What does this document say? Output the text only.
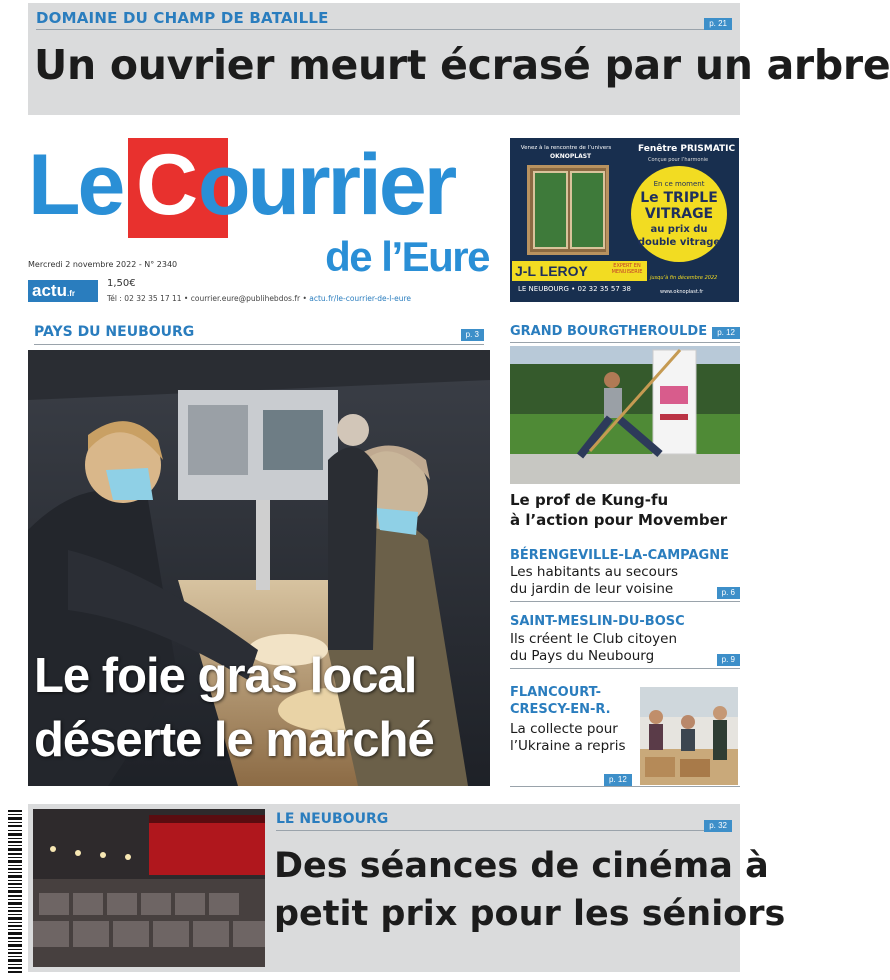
DOMAINE DU CHAMP DE BATAILLE	p. 21
Un ouvrier meurt écrasé par un arbre
Le C ourrier
de l’Eure
Mercredi 2 novembre 2022 - N° 2340
actu.fr
1,50€
Tél : 02 32 35 17 11 • courrier.eure@publihebdos.fr • actu.fr/le-courrier-de-l-eure
Venez à la rencontre de l’univers
OKNOPLAST
Fenêtre PRISMATIC
Conçue pour l’harmonie
En ce moment
Le TRIPLE
VITRAGE
au prix du
double vitrage
jusqu’à fin décembre 2022
J-L LEROY	EXPERT EN MENUISERIE
LE NEUBOURG • 02 32 35 57 38	www.oknoplast.fr
PAYS DU NEUBOURG	p. 3
Le foie gras local
déserte le marché
GRAND BOURGTHEROULDE	p. 12
Le prof de Kung-fu
à l’action pour Movember
BÉRENGEVILLE-LA-CAMPAGNE
Les habitants au secours
du jardin de leur voisine	p. 6
SAINT-MESLIN-DU-BOSC
Ils créent le Club citoyen
du Pays du Neubourg	p. 9
FLANCOURT-
CRESCY-EN-R.
La collecte pour
l’Ukraine a repris
p. 12
LE NEUBOURG	p. 32
Des séances de cinéma à
petit prix pour les séniors
